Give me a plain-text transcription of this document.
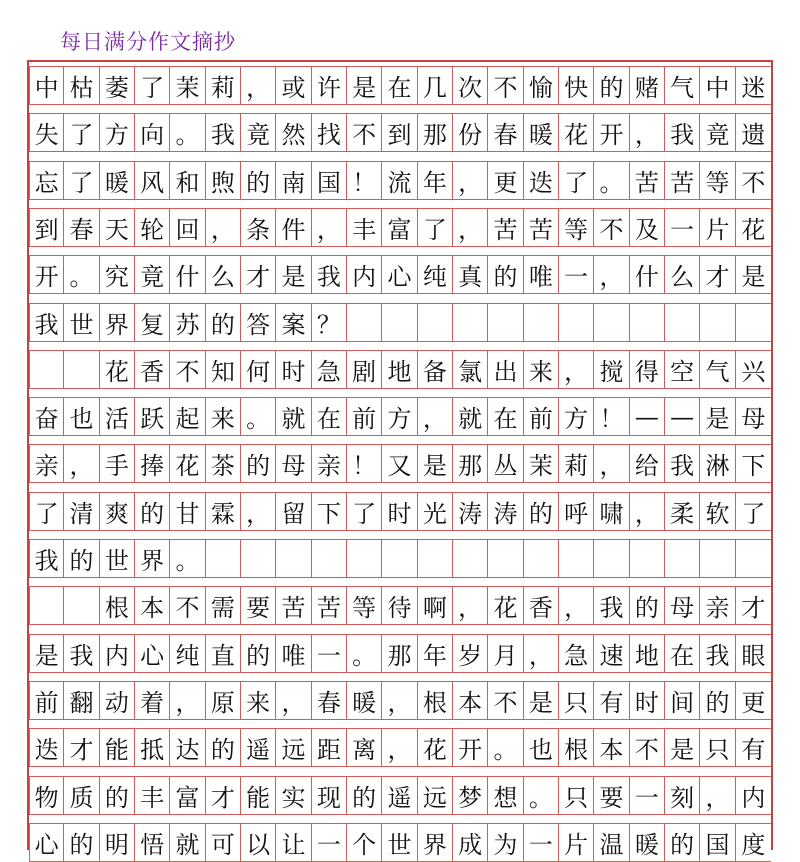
每日满分作文摘抄
中 枯 萎 了 茉 莉 ， 或 许 是 在 几 次 不 愉 快 的 赌 气 中 迷
失 了 方 向 。 我 竟 然 找 不 到 那 份 春 暖 花 开 ， 我 竟 遗
忘 了 暖 风 和 煦 的 南 国 ！ 流 年 ， 更 迭 了 。 苦 苦 等 不
到 春 天 轮 回 ， 条 件 ， 丰 富 了 ， 苦 苦 等 不 及 一 片 花
开 。 究 竟 什 么 才 是 我 内 心 纯 真 的 唯 一 ， 什 么 才 是
我 世 界 复 苏 的 答 案 ？
花 香 不 知 何 时 急 剧 地 备 氯 出 来 ， 搅 得 空 气 兴
奋 也 活 跃 起 来 。 就 在 前 方 ， 就 在 前 方 ！ — — 是 母
亲 ， 手 捧 花 茶 的 母 亲 ！ 又 是 那 丛 茉 莉 ， 给 我 淋 下
了 清 爽 的 甘 霖 ， 留 下 了 时 光 涛 涛 的 呼 啸 ， 柔 软 了
我 的 世 界 。
根 本 不 需 要 苦 苦 等 待 啊 ， 花 香 ， 我 的 母 亲 才
是 我 内 心 纯 直 的 唯 一 。 那 年 岁 月 ， 急 速 地 在 我 眼
前 翻 动 着 ， 原 来 ， 春 暖 ， 根 本 不 是 只 有 时 间 的 更
迭 才 能 抵 达 的 遥 远 距 离 ， 花 开 。 也 根 本 不 是 只 有
物 质 的 丰 富 才 能 实 现 的 遥 远 梦 想 。 只 要 一 刻 ， 内
心 的 明 悟 就 可 以 让 一 个 世 界 成 为 一 片 温 暖 的 国 度
